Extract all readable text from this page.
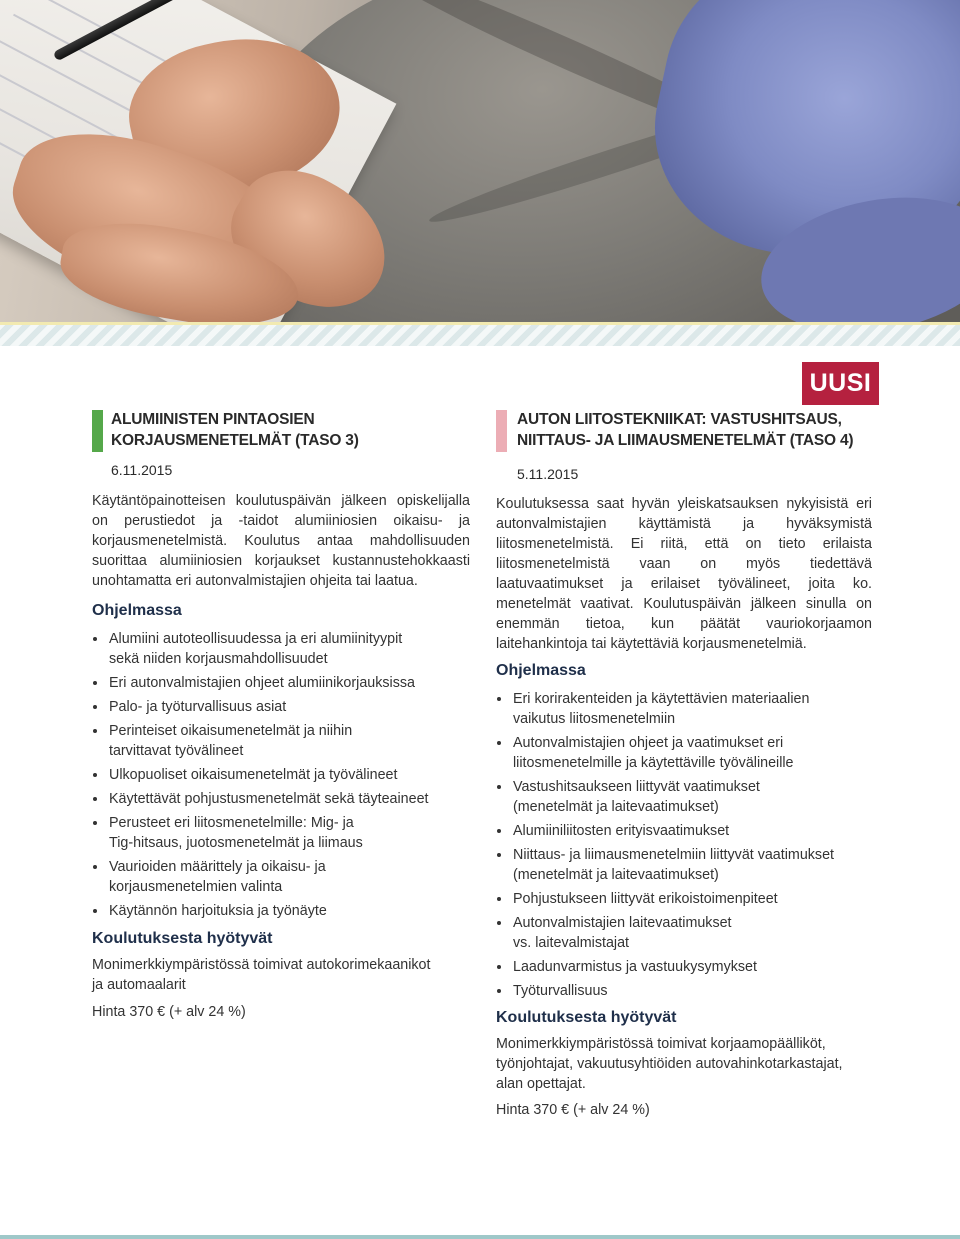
UUSI
ALUMIINISTEN PINTAOSIEN
KORJAUSMENETELMÄT (TASO 3)
6.11.2015

Käytäntöpainotteisen koulutuspäivän jälkeen opiskelijalla on perustiedot ja -taidot alumiiniosien oikaisu- ja korjausmenetelmistä. Koulutus antaa mahdollisuuden suorittaa alumiiniosien korjaukset kustannustehokkaasti unohtamatta eri autonvalmistajien ohjeita tai laatua.

Ohjelmassa
Alumiini autoteollisuudessa ja eri alumiinityypit
sekä niiden korjausmahdollisuudet
Eri autonvalmistajien ohjeet alumiinikorjauksissa
Palo- ja työturvallisuus asiat
Perinteiset oikaisumenetelmät ja niihin
tarvittavat työvälineet
Ulkopuoliset oikaisumenetelmät ja työvälineet
Käytettävät pohjustusmenetelmät sekä täyteaineet
Perusteet eri liitosmenetelmille: Mig- ja
Tig-hitsaus, juotosmenetelmät ja liimaus
Vaurioiden määrittely ja oikaisu- ja
korjausmenetelmien valinta
Käytännön harjoituksia ja työnäyte
Koulutuksesta hyötyvät

Monimerkkiympäristössä toimivat autokorimekaanikot
ja automaalarit

Hinta 370 € (+ alv 24 %)
AUTON LIITOSTEKNIIKAT: VASTUSHITSAUS,
NIITTAUS- JA LIIMAUSMENETELMÄT (TASO 4)
5.11.2015

Koulutuksessa saat hyvän yleiskatsauksen nykyisistä eri autonvalmistajien käyttämistä ja hyväksymistä liitosmenetelmistä. Ei riitä, että on tieto erilaista liitosmenetelmistä vaan on myös tiedettävä laatuvaatimukset ja erilaiset työvälineet, joita ko. menetelmät vaativat. Koulutuspäivän jälkeen sinulla on enemmän tietoa, kun päätät vauriokorjaamon laitehankintoja tai käytettäviä korjausmenetelmiä.

Ohjelmassa
Eri korirakenteiden ja käytettävien materiaalien
vaikutus liitosmenetelmiin
Autonvalmistajien ohjeet ja vaatimukset eri
liitosmenetelmille ja käytettäville työvälineille
Vastushitsaukseen liittyvät vaatimukset
(menetelmät ja laitevaatimukset)
Alumiiniliitosten erityisvaatimukset
Niittaus- ja liimausmenetelmiin liittyvät vaatimukset
(menetelmät ja laitevaatimukset)
Pohjustukseen liittyvät erikoistoimenpiteet
Autonvalmistajien laitevaatimukset
vs. laitevalmistajat
Laadunvarmistus ja vastuukysymykset
Työturvallisuus
Koulutuksesta hyötyvät

Monimerkkiympäristössä toimivat korjaamopäälliköt,
työnjohtajat, vakuutusyhtiöiden autovahinkotarkastajat,
alan opettajat.

Hinta 370 € (+ alv 24 %)
